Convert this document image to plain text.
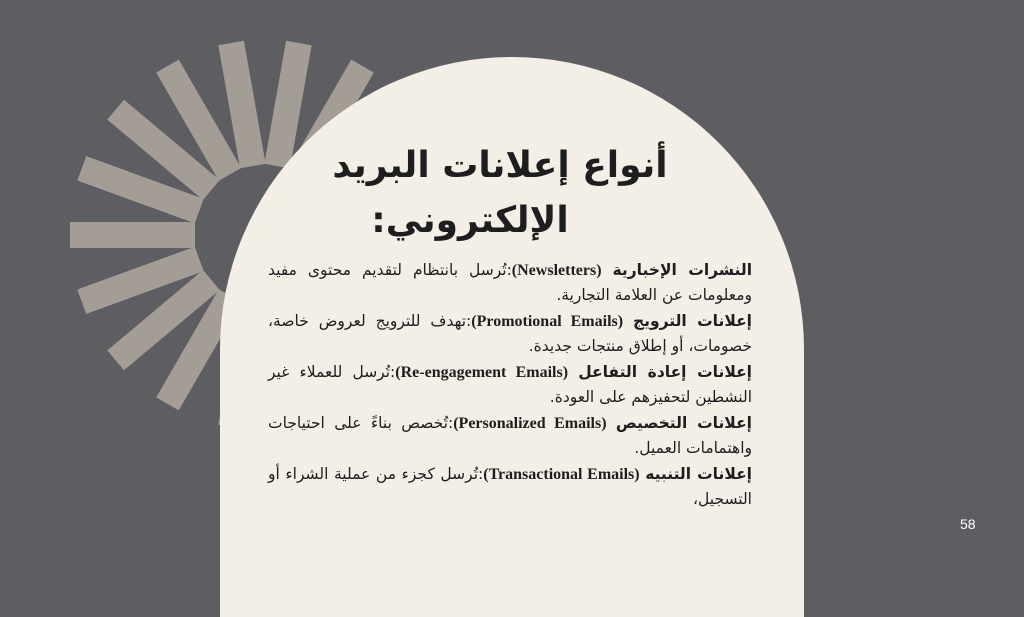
أنواع إعلانات البريد
الإلكتروني:

النشرات الإخبارية (Newsletters):تُرسل بانتظام لتقديم محتوى مفيد ومعلومات عن العلامة التجارية.

إعلانات الترويج (Promotional Emails):تهدف للترويج لعروض خاصة، خصومات، أو إطلاق منتجات جديدة.

إعلانات إعادة التفاعل (Re-engagement Emails):تُرسل للعملاء غير النشطين لتحفيزهم على العودة.

إعلانات التخصيص (Personalized Emails):تُخصص بناءً على احتياجات واهتمامات العميل.

إعلانات التنبيه (Transactional Emails):تُرسل كجزء من عملية الشراء أو التسجيل،

58
